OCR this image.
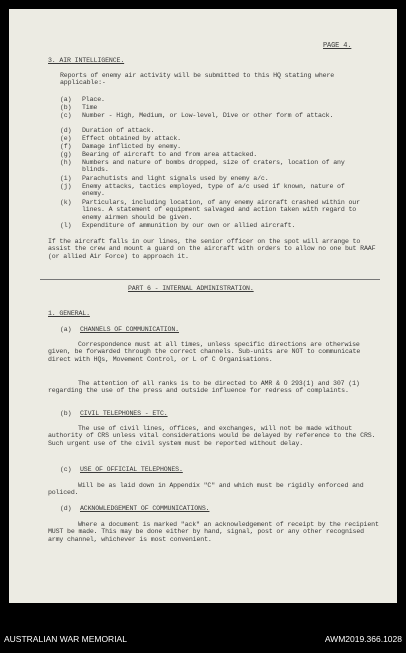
PAGE 4.
3. AIR INTELLIGENCE.
Reports of enemy air activity will be submitted to this HQ stating where applicable:-
(a) Place.
(b) Time
(c) Number - High, Medium, or Low-level, Dive or other form of attack.
(d) Duration of attack.
(e) Effect obtained by attack.
(f) Damage inflicted by enemy.
(g) Bearing of aircraft to and from area attacked.
(h) Numbers and nature of bombs dropped, size of craters, location of any blinds.
(i) Parachutists and light signals used by enemy a/c.
(j) Enemy attacks, tactics employed, type of a/c used if known, nature of enemy.
(k) Particulars, including location, of any enemy aircraft crashed within our lines. A statement of equipment salvaged and action taken with regard to enemy airmen should be given.
(l) Expenditure of ammunition by our own or allied aircraft.
If the aircraft falls in our lines, the senior officer on the spot will arrange to assist the crew and mount a guard on the aircraft with orders to allow no one but RAAF (or allied Air Force) to approach it.
PART 6 - INTERNAL ADMINISTRATION.
1. GENERAL.
(a) CHANNELS OF COMMUNICATION.
Correspondence must at all times, unless specific directions are otherwise given, be forwarded through the correct channels. Sub-units are NOT to communicate direct with HQs, Movement Control, or L of C Organisations.
The attention of all ranks is to be directed to AMR & O 293(1) and 307 (1) regarding the use of the press and outside influence for redress of complaints.
(b) CIVIL TELEPHONES - ETC.
The use of civil lines, offices, and exchanges, will not be made without authority of CRS unless vital considerations would be delayed by reference to the CRS. Such urgent use of the civil system must be reported without delay.
(c) USE OF OFFICIAL TELEPHONES.
Will be as laid down in Appendix "C" and which must be rigidly enforced and policed.
(d) ACKNOWLEDGEMENT OF COMMUNICATIONS.
Where a document is marked "ack" an acknowledgement of receipt by the recipient MUST be made. This may be done either by hand, signal, post or any other recognised army channel, whichever is most convenient.
AUSTRALIAN WAR MEMORIAL	AWM2019.366.1028
